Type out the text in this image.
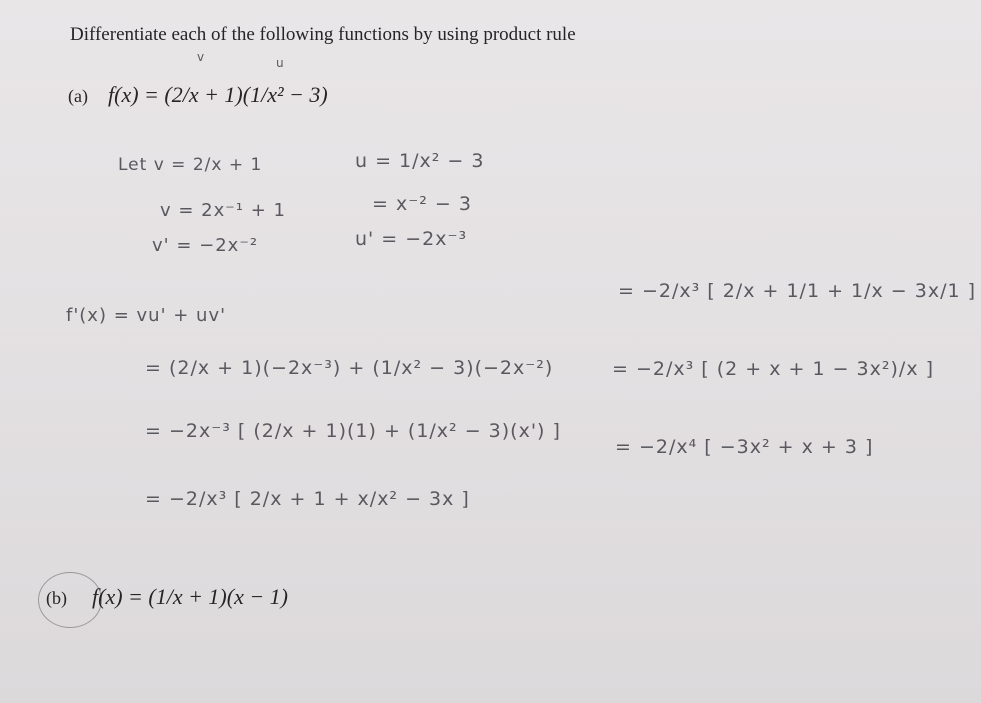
Differentiate each of the following functions by using product rule
v	u
(a) f(x) = (2/x + 1)(1/x² − 3)
Let v = 2/x + 1	u = 1/x² − 3
v = 2x⁻¹ + 1	= x⁻² − 3
v' = −2x⁻²	u' = −2x⁻³
f'(x) = vu' + uv'
= (2/x + 1)(−2x⁻³) + (1/x² − 3)(−2x⁻²)
= −2x⁻³ [ (2/x + 1)(1) + (1/x² − 3)(x') ]
= −2/x³ [ 2/x + 1 + x/x² − 3x ]
= −2/x³ [ 2/x + 1/1 + 1/x − 3x/1 ]
= −2/x³ [ (2 + x + 1 − 3x²)/x ]
= −2/x⁴ [ −3x² + x + 3 ]
(b) f(x) = (1/x + 1)(x − 1)
